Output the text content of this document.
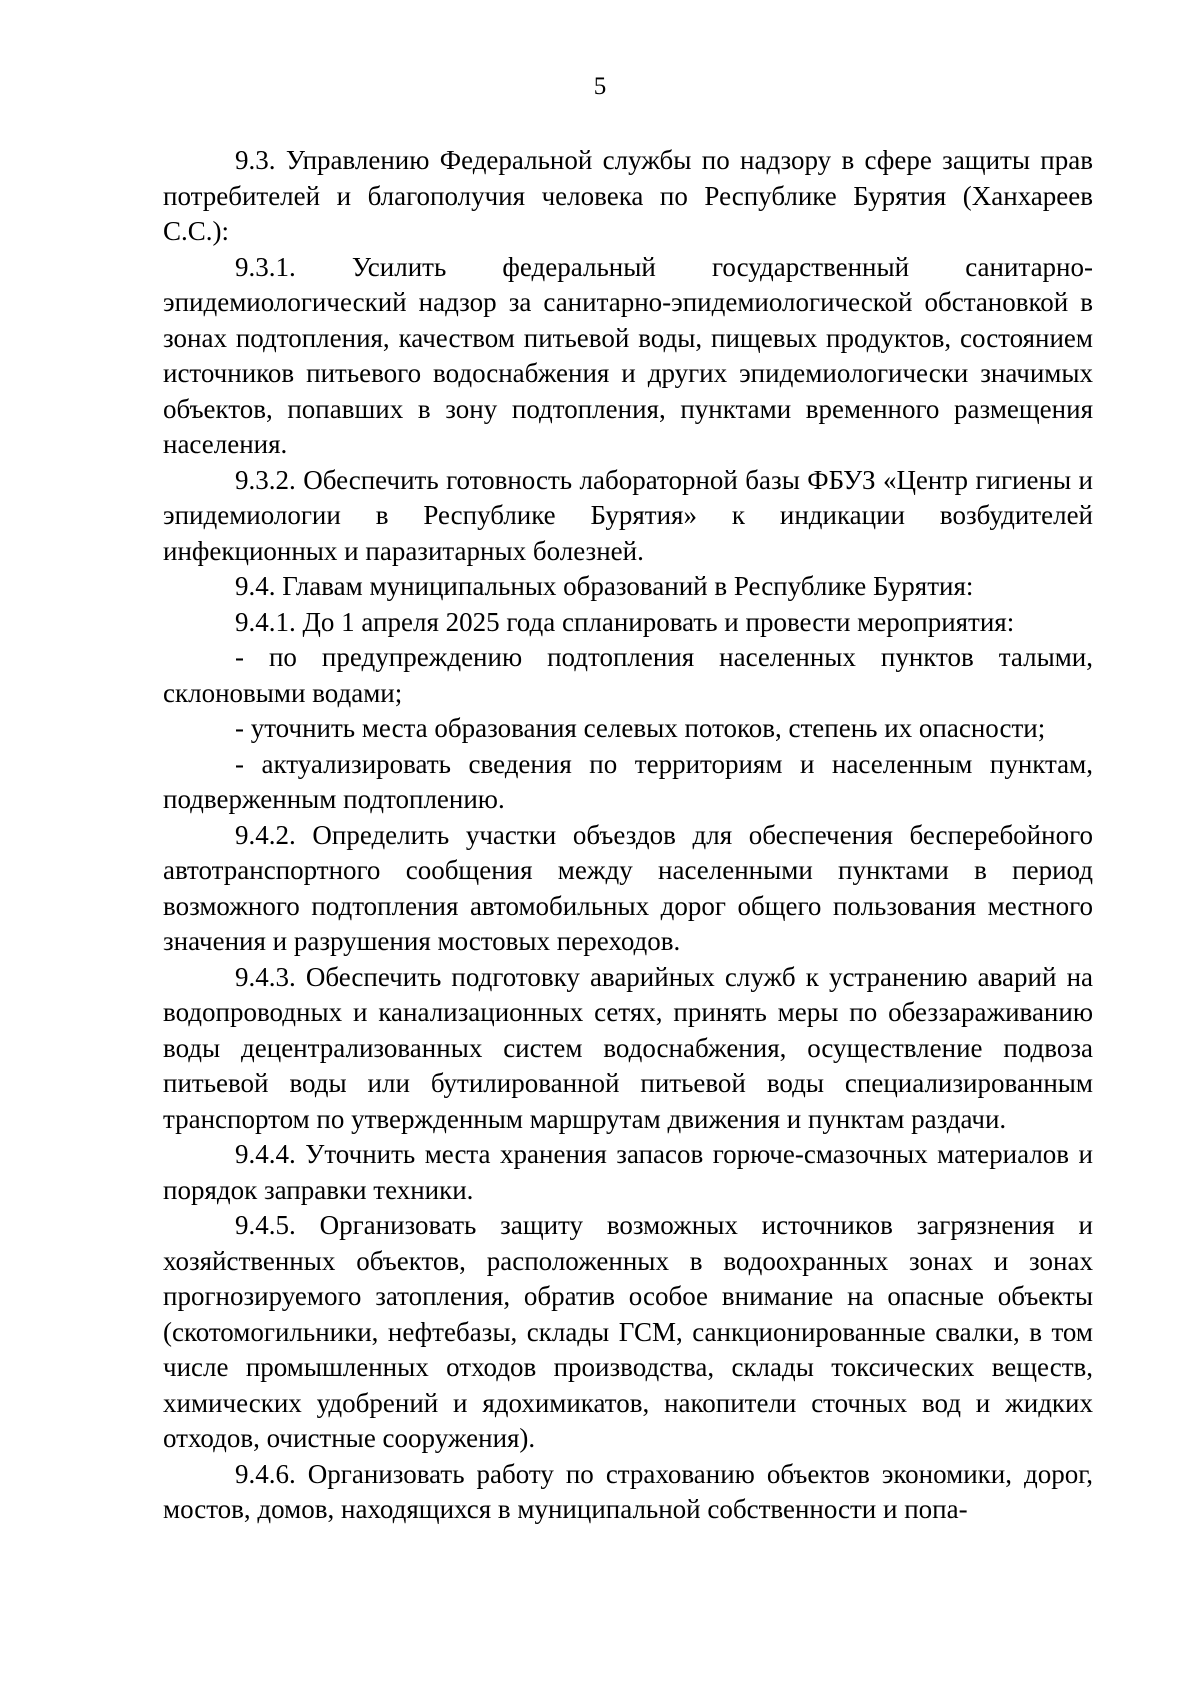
5

9.3. Управлению Федеральной службы по надзору в сфере защиты прав потребителей и благополучия человека по Республике Бурятия (Ханхареев С.С.):

9.3.1. Усилить федеральный государственный санитарно-эпидемиологический надзор за санитарно-эпидемиологической обстановкой в зонах подтопления, качеством питьевой воды, пищевых продуктов, состоянием источников питьевого водоснабжения и других эпидемиологически значимых объектов, попавших в зону подтопления, пунктами временного размещения населения.

9.3.2. Обеспечить готовность лабораторной базы ФБУЗ «Центр гигиены и эпидемиологии в Республике Бурятия» к индикации возбудителей инфекционных и паразитарных болезней.

9.4. Главам муниципальных образований в Республике Бурятия:

9.4.1. До 1 апреля 2025 года спланировать и провести мероприятия:

- по предупреждению подтопления населенных пунктов талыми, склоновыми водами;

- уточнить места образования селевых потоков, степень их опасности;

- актуализировать сведения по территориям и населенным пунктам, подверженным подтоплению.

9.4.2. Определить участки объездов для обеспечения бесперебойного автотранспортного сообщения между населенными пунктами в период возможного подтопления автомобильных дорог общего пользования местного значения и разрушения мостовых переходов.

9.4.3. Обеспечить подготовку аварийных служб к устранению аварий на водопроводных и канализационных сетях, принять меры по обеззараживанию воды децентрализованных систем водоснабжения, осуществление подвоза питьевой воды или бутилированной питьевой воды специализированным транспортом по утвержденным маршрутам движения и пунктам раздачи.

9.4.4. Уточнить места хранения запасов горюче-смазочных материалов и порядок заправки техники.

9.4.5. Организовать защиту возможных источников загрязнения и хозяйственных объектов, расположенных в водоохранных зонах и зонах прогнозируемого затопления, обратив особое внимание на опасные объекты (скотомогильники, нефтебазы, склады ГСМ, санкционированные свалки, в том числе промышленных отходов производства, склады токсических веществ, химических удобрений и ядохимикатов, накопители сточных вод и жидких отходов, очистные сооружения).

9.4.6. Организовать работу по страхованию объектов экономики, дорог, мостов, домов, находящихся в муниципальной собственности и попа-
